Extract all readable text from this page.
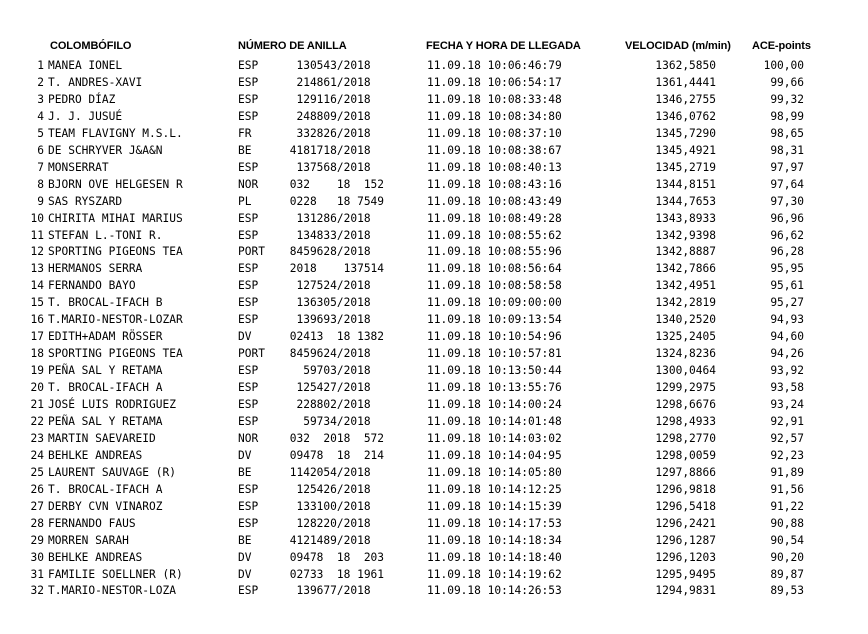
COLOMBÓFILO	NÚMERO DE ANILLA	FECHA Y HORA DE LLEGADA	VELOCIDAD (m/min) ACE-points
1 MANEA IONEL	ESP 130543/2018	11.09.18 10:06:46:79	1362,5850	100,00
2 T. ANDRES-XAVI	ESP 214861/2018	11.09.18 10:06:54:17	1361,4441	99,66
3 PEDRO DÍAZ	ESP 129116/2018	11.09.18 10:08:33:48	1346,2755	99,32
4 J. J. JUSUÉ	ESP 248809/2018	11.09.18 10:08:34:80	1346,0762	98,99
5 TEAM FLAVIGNY M.S.L.	FR	332826/2018	11.09.18 10:08:37:10	1345,7290	98,65
6 DE SCHRYVER J&A&N	BE	4181718/2018	11.09.18 10:08:38:67	1345,4921	98,31
7 MONSERRAT	ESP 137568/2018	11.09.18 10:08:40:13	1345,2719	97,97
8 BJORN OVE HELGESEN R	NOR 032    18  152	11.09.18 10:08:43:16	1344,8151	97,64
9 SAS RYSZARD	PL	0228   18 7549	11.09.18 10:08:43:49	1344,7653	97,30
10 CHIRITA MIHAI MARIUS	ESP 131286/2018	11.09.18 10:08:49:28	1343,8933	96,96
11 STEFAN L.-TONI R.	ESP 134833/2018	11.09.18 10:08:55:62	1342,9398	96,62
12 SPORTING PIGEONS TEA	PORT 8459628/2018	11.09.18 10:08:55:96	1342,8887	96,28
13 HERMANOS SERRA	ESP 2018    137514	11.09.18 10:08:56:64	1342,7866	95,95
14 FERNANDO BAYO	ESP 127524/2018	11.09.18 10:08:58:58	1342,4951	95,61
15 T. BROCAL-IFACH B	ESP 136305/2018	11.09.18 10:09:00:00	1342,2819	95,27
16 T.MARIO-NESTOR-LOZAR	ESP 139693/2018	11.09.18 10:09:13:54	1340,2520	94,93
17 EDITH+ADAM RÖSSER	DV	02413  18 1382	11.09.18 10:10:54:96	1325,2405	94,60
18 SPORTING PIGEONS TEA	PORT 8459624/2018	11.09.18 10:10:57:81	1324,8236	94,26
19 PEÑA SAL Y RETAMA	ESP 59703/2018	11.09.18 10:13:50:44	1300,0464	93,92
20 T. BROCAL-IFACH A	ESP 125427/2018	11.09.18 10:13:55:76	1299,2975	93,58
21 JOSÉ LUIS RODRIGUEZ	ESP 228802/2018	11.09.18 10:14:00:24	1298,6676	93,24
22 PEÑA SAL Y RETAMA	ESP 59734/2018	11.09.18 10:14:01:48	1298,4933	92,91
23 MARTIN SAEVAREID	NOR 032  2018  572	11.09.18 10:14:03:02	1298,2770	92,57
24 BEHLKE ANDREAS	DV	09478  18  214	11.09.18 10:14:04:95	1298,0059	92,23
25 LAURENT SAUVAGE (R)	BE	1142054/2018	11.09.18 10:14:05:80	1297,8866	91,89
26 T. BROCAL-IFACH A	ESP 125426/2018	11.09.18 10:14:12:25	1296,9818	91,56
27 DERBY CVN VINAROZ	ESP 133100/2018	11.09.18 10:14:15:39	1296,5418	91,22
28 FERNANDO FAUS	ESP 128220/2018	11.09.18 10:14:17:53	1296,2421	90,88
29 MORREN SARAH	BE	4121489/2018	11.09.18 10:14:18:34	1296,1287	90,54
30 BEHLKE ANDREAS	DV	09478  18  203	11.09.18 10:14:18:40	1296,1203	90,20
31 FAMILIE SOELLNER (R)	DV	02733  18 1961	11.09.18 10:14:19:62	1295,9495	89,87
32 T.MARIO-NESTOR-LOZA	ESP 139677/2018	11.09.18 10:14:26:53	1294,9831	89,53
